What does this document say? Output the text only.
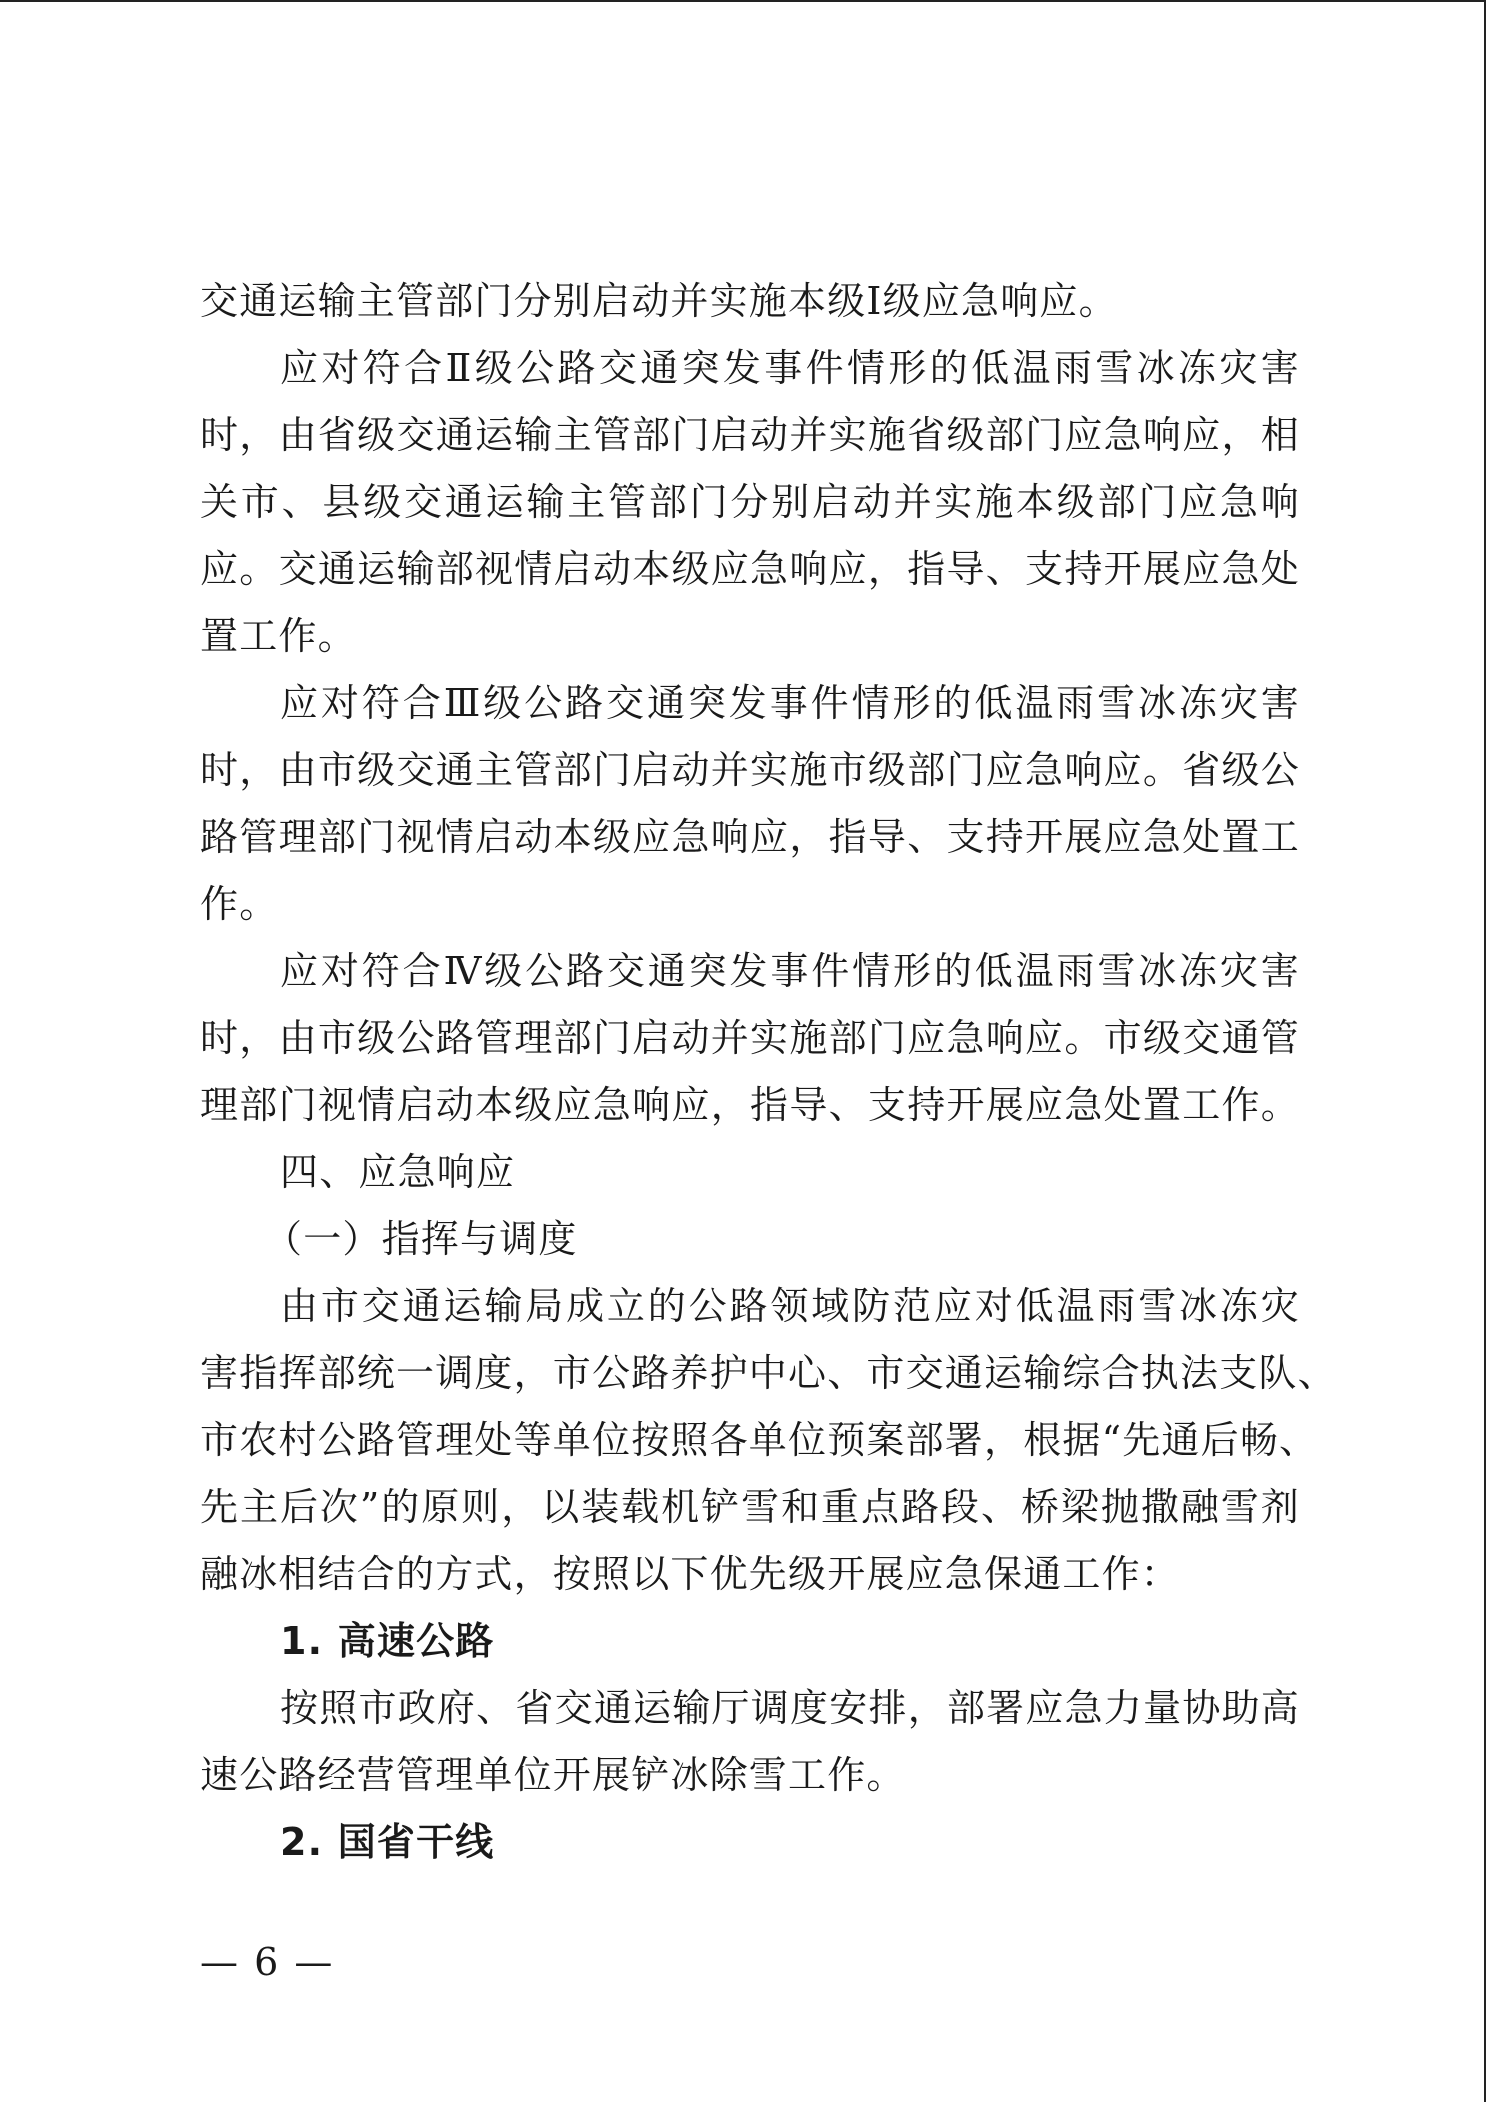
交通运输主管部门分别启动并实施本级Ⅰ级应急响应。
应对符合Ⅱ级公路交通突发事件情形的低温雨雪冰冻灾害
时，由省级交通运输主管部门启动并实施省级部门应急响应，相
关市、县级交通运输主管部门分别启动并实施本级部门应急响
应。交通运输部视情启动本级应急响应，指导、支持开展应急处
置工作。
应对符合Ⅲ级公路交通突发事件情形的低温雨雪冰冻灾害
时，由市级交通主管部门启动并实施市级部门应急响应。省级公
路管理部门视情启动本级应急响应，指导、支持开展应急处置工
作。
应对符合Ⅳ级公路交通突发事件情形的低温雨雪冰冻灾害
时，由市级公路管理部门启动并实施部门应急响应。市级交通管
理部门视情启动本级应急响应，指导、支持开展应急处置工作。
四、应急响应
（一）指挥与调度
由市交通运输局成立的公路领域防范应对低温雨雪冰冻灾
害指挥部统一调度，市公路养护中心、市交通运输综合执法支队、
市农村公路管理处等单位按照各单位预案部署，根据“先通后畅、
先主后次”的原则，以装载机铲雪和重点路段、桥梁抛撒融雪剂
融冰相结合的方式，按照以下优先级开展应急保通工作：
1. 高速公路
按照市政府、省交通运输厅调度安排，部署应急力量协助高
速公路经营管理单位开展铲冰除雪工作。
2. 国省干线
— 6 —
